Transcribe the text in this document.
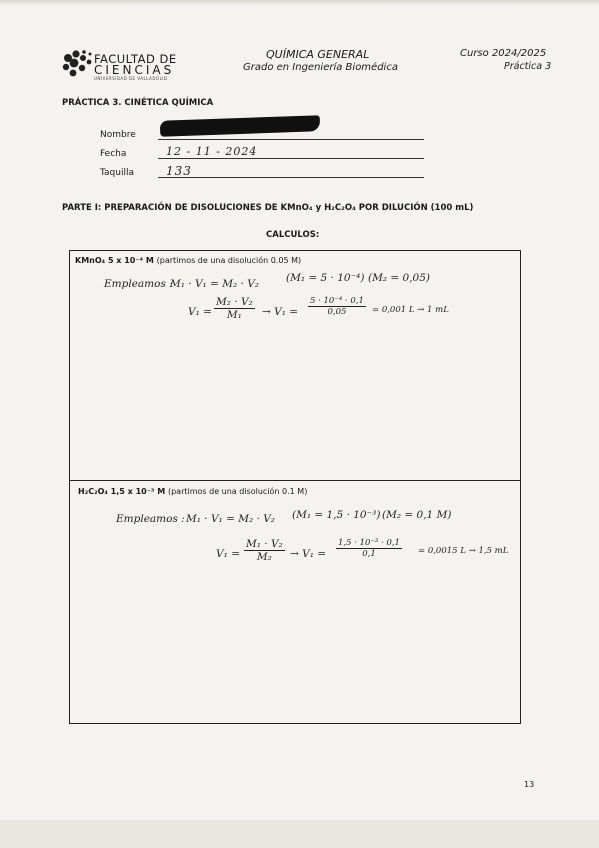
FACULTAD DE
CIENCIAS
UNIVERSIDAD DE VALLADOLID
QUÍMICA GENERAL
Grado en Ingeniería Biomédica
Curso 2024/2025
Práctica 3
PRÁCTICA 3. CINÉTICA QUÍMICA
Nombre
Fecha	12 - 11 - 2024
Taquilla	133
PARTE I: PREPARACIÓN DE DISOLUCIONES DE KMnO₄ y H₂C₂O₄ POR DILUCIÓN (100 mL)
CALCULOS:
KMnO₄ 5 x 10⁻⁴ M (partimos de una disolución 0.05 M)
Empleamos :
M₁ · V₁ = M₂ · V₂	(M₁ = 5 · 10⁻⁴) (M₂ = 0,05)
$V_1 = \frac{\text{M₂ · V₂}}{\text{M₁}} \to V_1 = \frac{\text{5 · 10⁻⁴ · 0,1}}{0,05} = 0,001$ L → 1 mL
H₂C₂O₄ 1,5 x 10⁻³ M (partimos de una disolución 0.1 M)
Empleamos : M₁ · V₁ = M₂ · V₂ (M₁ = 1,5 · 10⁻³) (M₂ = 0,1 M)
$V_1 = \frac{\text{M₁ · V₂}}{\text{M₂}} \to V_1 = \frac{\text{1,5 · 10⁻³ · 0,1}}{0,1} = 0,0015$ L → 1,5 mL
13
